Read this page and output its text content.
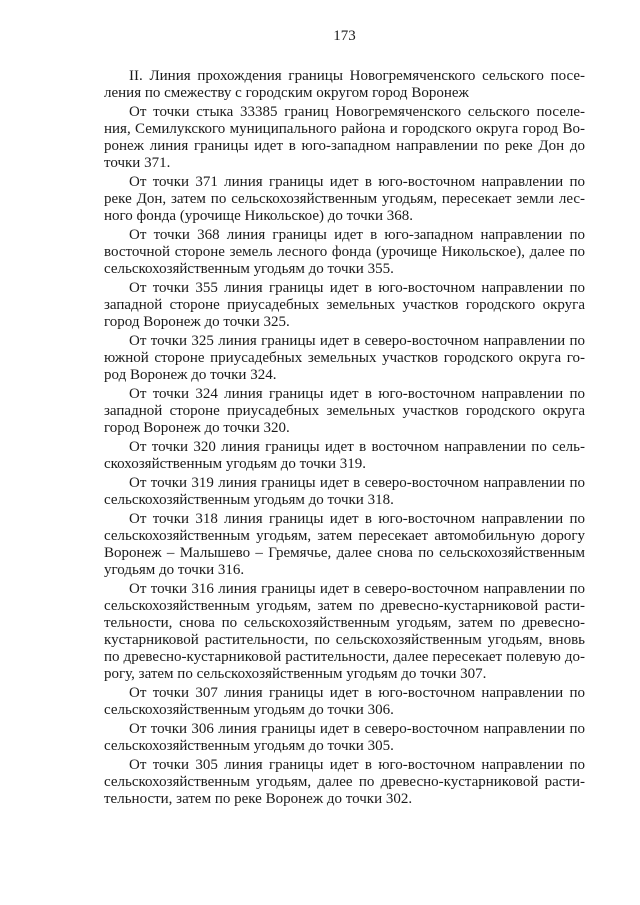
173
II. Линия прохождения границы Новогремяченского сельского посе-
ления по смежеству с городским округом город Воронеж
От точки стыка 33385 границ Новогремяченского сельского поселе-
ния, Семилукского муниципального района и городского округа город Во-
ронеж линия границы идет в юго-западном направлении по реке Дон до
точки 371.
От точки 371 линия границы идет в юго-восточном направлении по
реке Дон, затем по сельскохозяйственным угодьям, пересекает земли лес-
ного фонда (урочище Никольское) до точки 368.
От точки 368 линия границы идет в юго-западном направлении по
восточной стороне земель лесного фонда (урочище Никольское), далее по
сельскохозяйственным угодьям до точки 355.
От точки 355 линия границы идет в юго-восточном направлении по
западной стороне приусадебных земельных участков городского округа
город Воронеж до точки 325.
От точки 325 линия границы идет в северо-восточном направлении по
южной стороне приусадебных земельных участков городского округа го-
род Воронеж до точки 324.
От точки 324 линия границы идет в юго-восточном направлении по
западной стороне приусадебных земельных участков городского округа
город Воронеж до точки 320.
От точки 320 линия границы идет в восточном направлении по сель-
скохозяйственным угодьям до точки 319.
От точки 319 линия границы идет в северо-восточном направлении по
сельскохозяйственным угодьям до точки 318.
От точки 318 линия границы идет в юго-восточном направлении по
сельскохозяйственным угодьям, затем пересекает автомобильную дорогу
Воронеж – Малышево – Гремячье, далее снова по сельскохозяйственным
угодьям до точки 316.
От точки 316 линия границы идет в северо-восточном направлении по
сельскохозяйственным угодьям, затем по древесно-кустарниковой расти-
тельности, снова по сельскохозяйственным угодьям, затем по древесно-
кустарниковой растительности, по сельскохозяйственным угодьям, вновь
по древесно-кустарниковой растительности, далее пересекает полевую до-
рогу, затем по сельскохозяйственным угодьям до точки 307.
От точки 307 линия границы идет в юго-восточном направлении по
сельскохозяйственным угодьям до точки 306.
От точки 306 линия границы идет в северо-восточном направлении по
сельскохозяйственным угодьям до точки 305.
От точки 305 линия границы идет в юго-восточном направлении по
сельскохозяйственным угодьям, далее по древесно-кустарниковой расти-
тельности, затем по реке Воронеж до точки 302.
